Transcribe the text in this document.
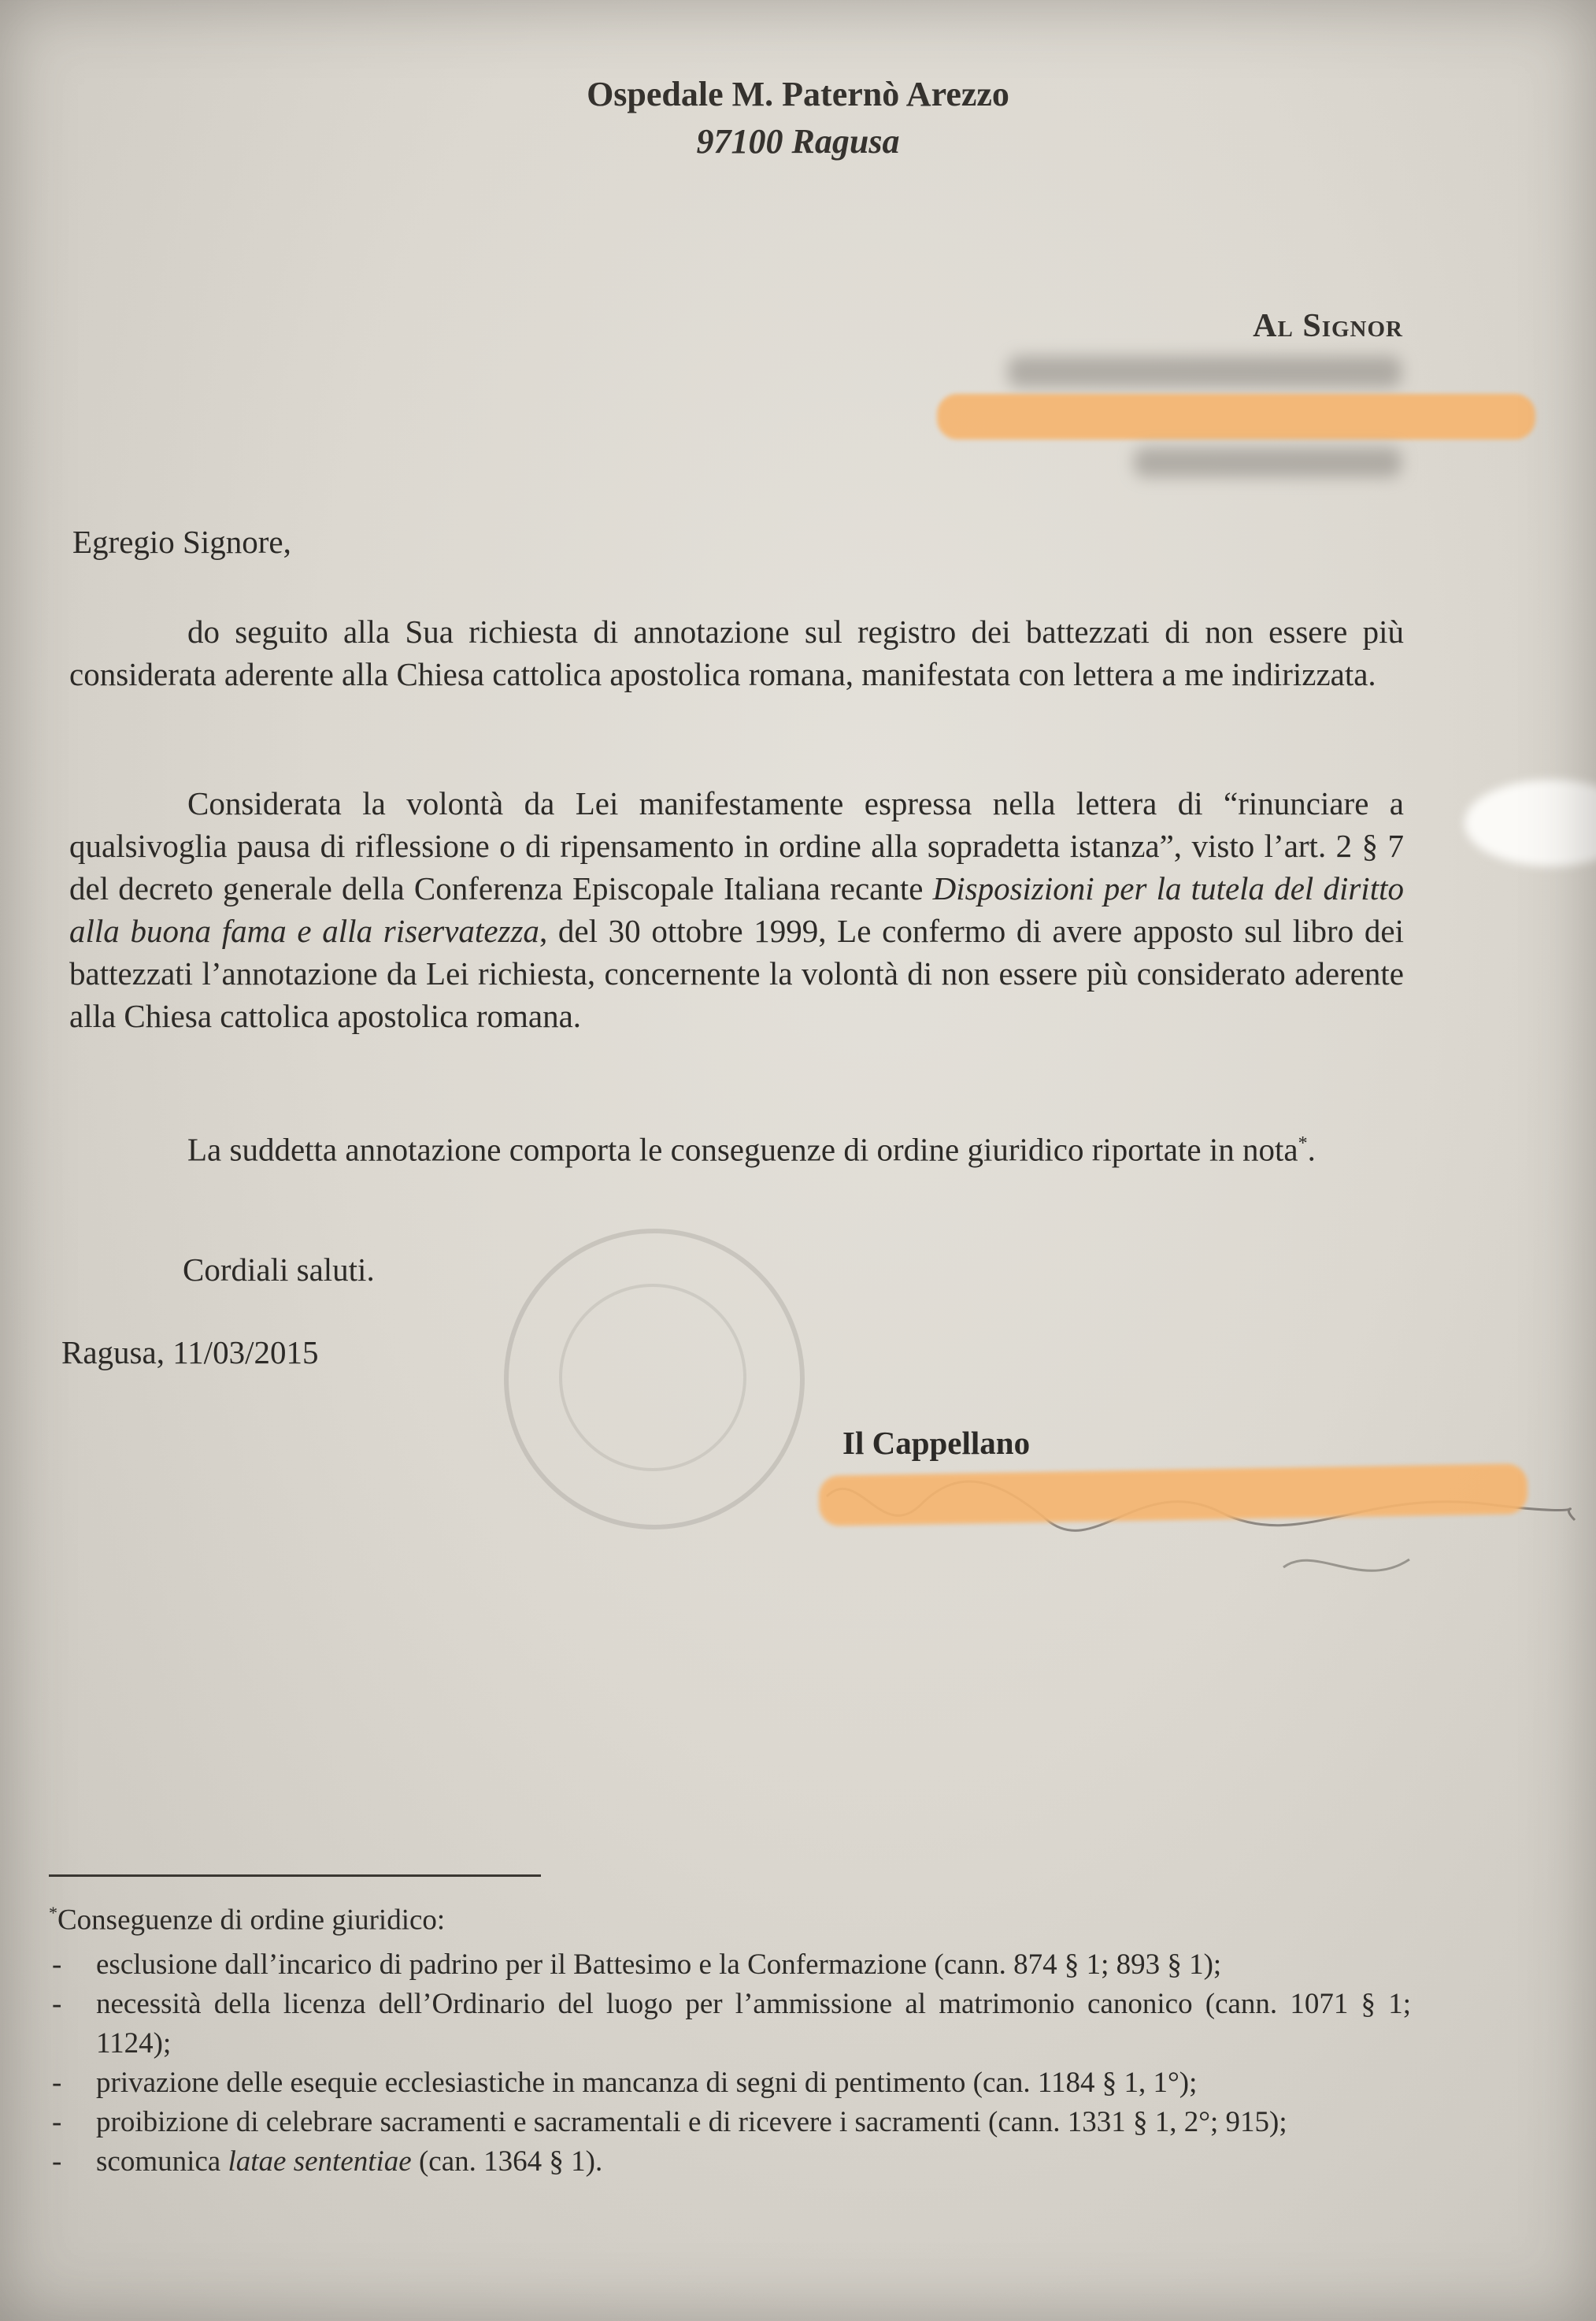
Ospedale M. Paternò Arezzo
97100 Ragusa
Al Signor
Egregio Signore,

do seguito alla Sua richiesta di annotazione sul registro dei battezzati di non essere più considerata aderente alla Chiesa cattolica apostolica romana, manifestata con lettera a me indirizzata.

Considerata la volontà da Lei manifestamente espressa nella lettera di “rinunciare a qualsivoglia pausa di riflessione o di ripensamento in ordine alla sopradetta istanza”, visto l’art. 2 § 7 del decreto generale della Conferenza Episcopale Italiana recante Disposizioni per la tutela del diritto alla buona fama e alla riservatezza, del 30 ottobre 1999, Le confermo di avere apposto sul libro dei battezzati l’annotazione da Lei richiesta, concernente la volontà di non essere più considerato aderente alla Chiesa cattolica apostolica romana.

La suddetta annotazione comporta le conseguenze di ordine giuridico riportate in nota*.

Cordiali saluti.
Ragusa, 11/03/2015
Il Cappellano
*Conseguenze di ordine giuridico:
- esclusione dall’incarico di padrino per il Battesimo e la Confermazione (cann. 874 § 1; 893 § 1);
- necessità della licenza dell’Ordinario del luogo per l’ammissione al matrimonio canonico (cann. 1071 § 1; 1124);
- privazione delle esequie ecclesiastiche in mancanza di segni di pentimento (can. 1184 § 1, 1°);
- proibizione di celebrare sacramenti e sacramentali e di ricevere i sacramenti (cann. 1331 § 1, 2°; 915);
- scomunica latae sententiae (can. 1364 § 1).
